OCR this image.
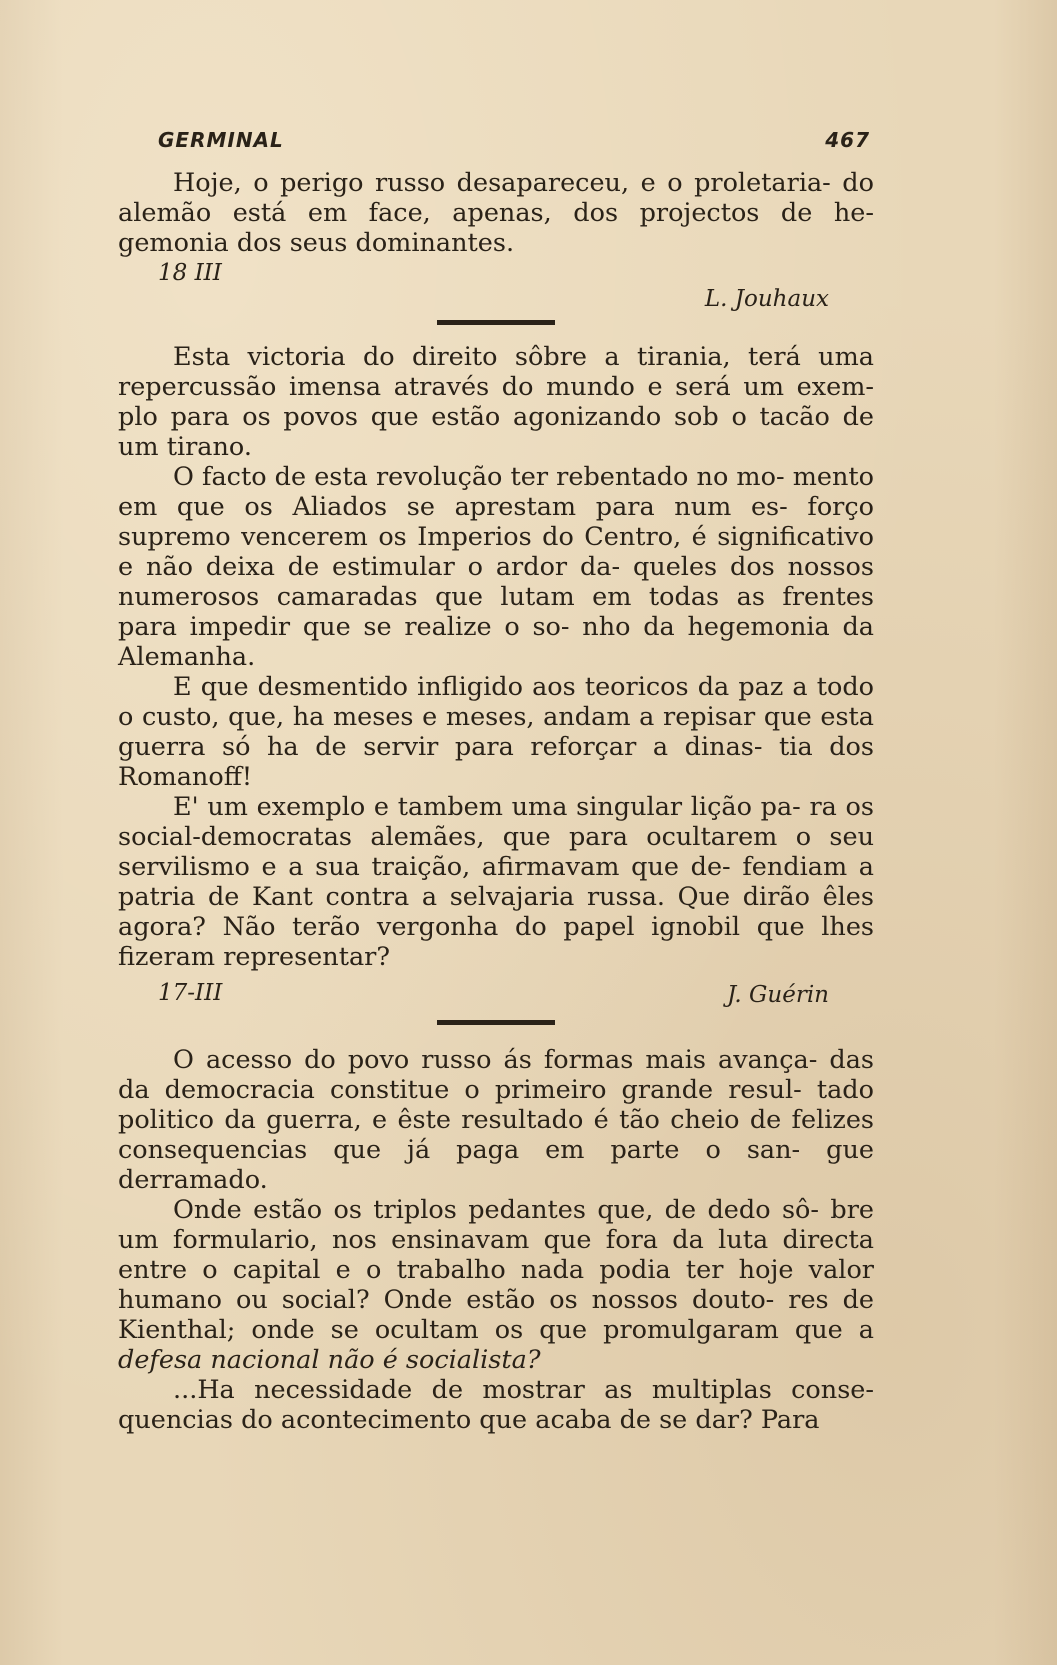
GERMINAL	467

Hoje, o perigo russo desapareceu, e o proletaria- do alemão está em face, apenas, dos projectos de he- gemonia dos seus dominantes.

18 III
L. Jouhaux

Esta victoria do direito sôbre a tirania, terá uma repercussão imensa através do mundo e será um exem- plo para os povos que estão agonizando sob o tacão de um tirano.

O facto de esta revolução ter rebentado no mo- mento em que os Aliados se aprestam para num es- forço supremo vencerem os Imperios do Centro, é significativo e não deixa de estimular o ardor da- queles dos nossos numerosos camaradas que lutam em todas as frentes para impedir que se realize o so- nho da hegemonia da Alemanha.

E que desmentido infligido aos teoricos da paz a todo o custo, que, ha meses e meses, andam a repisar que esta guerra só ha de servir para reforçar a dinas- tia dos Romanoff!

E' um exemplo e tambem uma singular lição pa- ra os social-democratas alemães, que para ocultarem o seu servilismo e a sua traição, afirmavam que de- fendiam a patria de Kant contra a selvajaria russa. Que dirão êles agora? Não terão vergonha do papel ignobil que lhes fizeram representar?

17-III	J. Guérin

O acesso do povo russo ás formas mais avança- das da democracia constitue o primeiro grande resul- tado politico da guerra, e êste resultado é tão cheio de felizes consequencias que já paga em parte o san- gue derramado.

Onde estão os triplos pedantes que, de dedo sô- bre um formulario, nos ensinavam que fora da luta directa entre o capital e o trabalho nada podia ter hoje valor humano ou social? Onde estão os nossos douto- res de Kienthal; onde se ocultam os que promulgaram que a defesa nacional não é socialista?

...Ha necessidade de mostrar as multiplas conse- quencias do acontecimento que acaba de se dar? Para
